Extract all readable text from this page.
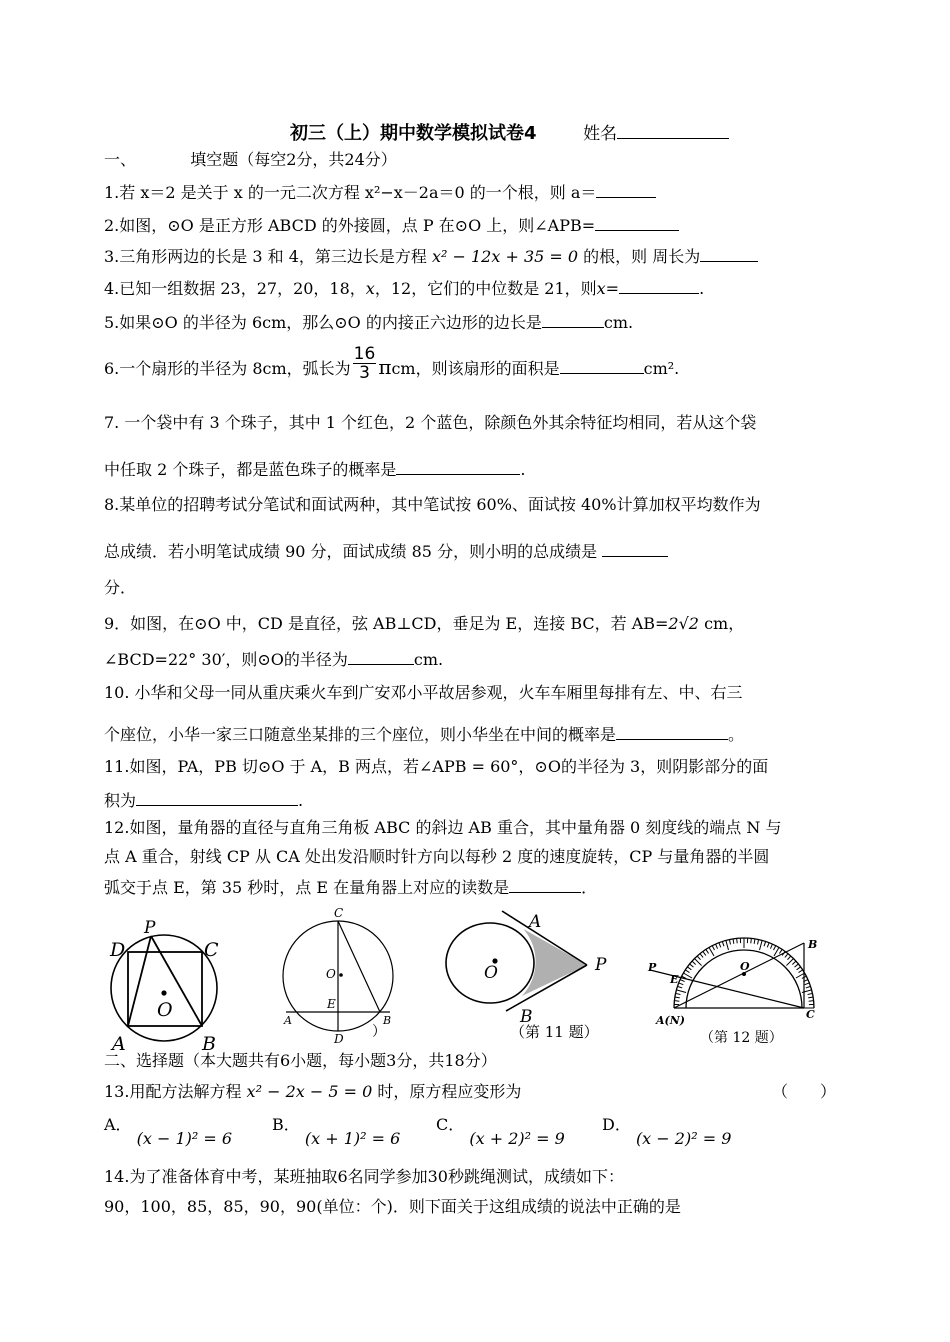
初三（上）期中数学模拟试卷4	姓名
一、	填空题（每空2分，共24分）
1.若 x＝2 是关于 x 的一元二次方程 x²−x－2a＝0 的一个根，则 a＝
2.如图，⊙O 是正方形 ABCD 的外接圆，点 P 在⊙O 上，则∠APB=
3.三角形两边的长是 3 和 4，第三边长是方程 x² − 12x + 35 = 0 的根，则 周长为
4.已知一组数据 23，27，20，18，x，12，它们的中位数是 21，则x=	.
5.如果⊙O 的半径为 6cm，那么⊙O 的内接正六边形的边长是	cm.
6.一个扇形的半径为 8cm，弧长为 $\frac{16}{3}$ πcm，则该扇形的面积是	cm².
7. 一个袋中有 3 个珠子，其中 1 个红色，2 个蓝色，除颜色外其余特征均相同，若从这个袋
中任取 2 个珠子，都是蓝色珠子的概率是	.
8.某单位的招聘考试分笔试和面试两种，其中笔试按 60%、面试按 40%计算加权平均数作为
总成绩．若小明笔试成绩 90 分，面试成绩 85 分，则小明的总成绩是
分．
9．如图，在⊙O 中，CD 是直径，弦 AB⊥CD，垂足为 E，连接 BC，若 AB=2√2 cm，
∠BCD=22° 30′，则⊙O的半径为	cm.
10. 小华和父母一同从重庆乘火车到广安邓小平故居参观，火车车厢里每排有左、中、右三
个座位，小华一家三口随意坐某排的三个座位，则小华坐在中间的概率是	。
11.如图，PA，PB 切⊙O 于 A，B 两点，若∠APB = 60°，⊙O的半径为 3，则阴影部分的面
积为	.
12.如图，量角器的直径与直角三角板 ABC 的斜边 AB 重合，其中量角器 0 刻度线的端点 N 与
点 A 重合，射线 CP 从 CA 处出发沿顺时针方向以每秒 2 度的速度旋转，CP 与量角器的半圆
弧交于点 E，第 35 秒时，点 E 在量角器上对应的读数是	．
D
P
C
O
A	B
C
O
E
A
D
B
）
A
O	P
B
（第 11 题）
B
P	O
E
A(N)	C
（第 12 题）
二、选择题（本大题共有6小题，每小题3分，共18分）
13.用配方法解方程 x² − 2x − 5 = 0 时，原方程应变形为	（　　）
A． (x − 1)² = 6
B． (x + 1)² = 6
C． (x + 2)² = 9
D． (x − 2)² = 9
14.为了准备体育中考，某班抽取6名同学参加30秒跳绳测试，成绩如下：
90，100，85，85，90，90(单位：个)．则下面关于这组成绩的说法中正确的是
